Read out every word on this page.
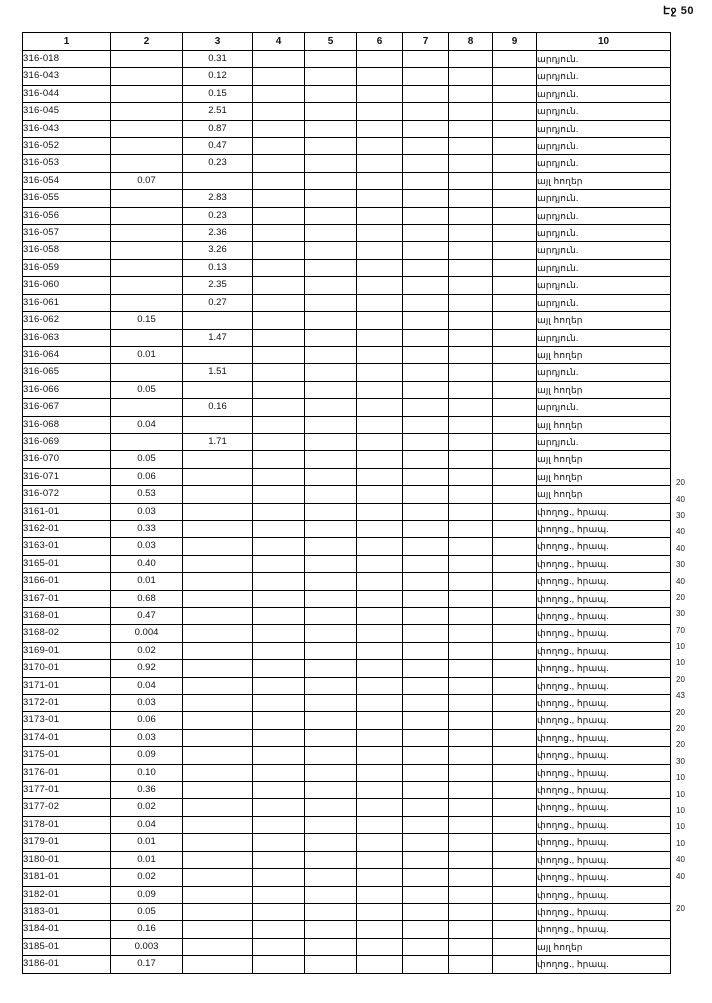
Էջ 50
1	2	3	4	5	6	7	8	9	10
316-018		0.31							արդյուն.
316-043		0.12							արդյուն.
316-044		0.15							արդյուն.
316-045		2.51							արդյուն.
316-043		0.87							արդյուն.
316-052		0.47							արդյուն.
316-053		0.23							արդյուն.
316-054	0.07								այլ հողեր
316-055		2.83							արդյուն.
316-056		0.23							արդյուն.
316-057		2.36							արդյուն.
316-058		3.26							արդյուն.
316-059		0.13							արդյուն.
316-060		2.35							արդյուն.
316-061		0.27							արդյուն.
316-062	0.15								այլ հողեր
316-063		1.47							արդյուն.
316-064	0.01								այլ հողեր
316-065		1.51							արդյուն.
316-066	0.05								այլ հողեր
316-067		0.16							արդյուն.
316-068	0.04								այլ հողեր
316-069		1.71							արդյուն.
316-070	0.05								այլ հողեր
316-071	0.06								այլ հողեր
316-072	0.53								այլ հողեր
3161-01	0.03								փողոց., հրապ.
3162-01	0.33								փողոց., հրապ.
3163-01	0.03								փողոց., հրապ.
3165-01	0.40								փողոց., հրապ.
3166-01	0.01								փողոց., հրապ.
3167-01	0.68								փողոց., հրապ.
3168-01	0.47								փողոց., հրապ.
3168-02	0.004								փողոց., հրապ.
3169-01	0.02								փողոց., հրապ.
3170-01	0.92								փողոց., հրապ.
3171-01	0.04								փողոց., հրապ.
3172-01	0.03								փողոց., հրապ.
3173-01	0.06								փողոց., հրապ.
3174-01	0.03								փողոց., հրապ.
3175-01	0.09								փողոց., հրապ.
3176-01	0.10								փողոց., հրապ.
3177-01	0.36								փողոց., հրապ.
3177-02	0.02								փողոց., հրապ.
3178-01	0.04								փողոց., հրապ.
3179-01	0.01								փողոց., հրապ.
3180-01	0.01								փողոց., հրապ.
3181-01	0.02								փողոց., հրապ.
3182-01	0.09								փողոց., հրապ.
3183-01	0.05								փողոց., հրապ.
3184-01	0.16								փողոց., հրապ.
3185-01	0.003								այլ հողեր
3186-01	0.17								փողոց., հրապ.
20
40
30
40
40
30
40
20
30
70
10
10
20
43
20
20
20
30
10
10
10
10
10
40
40
20
